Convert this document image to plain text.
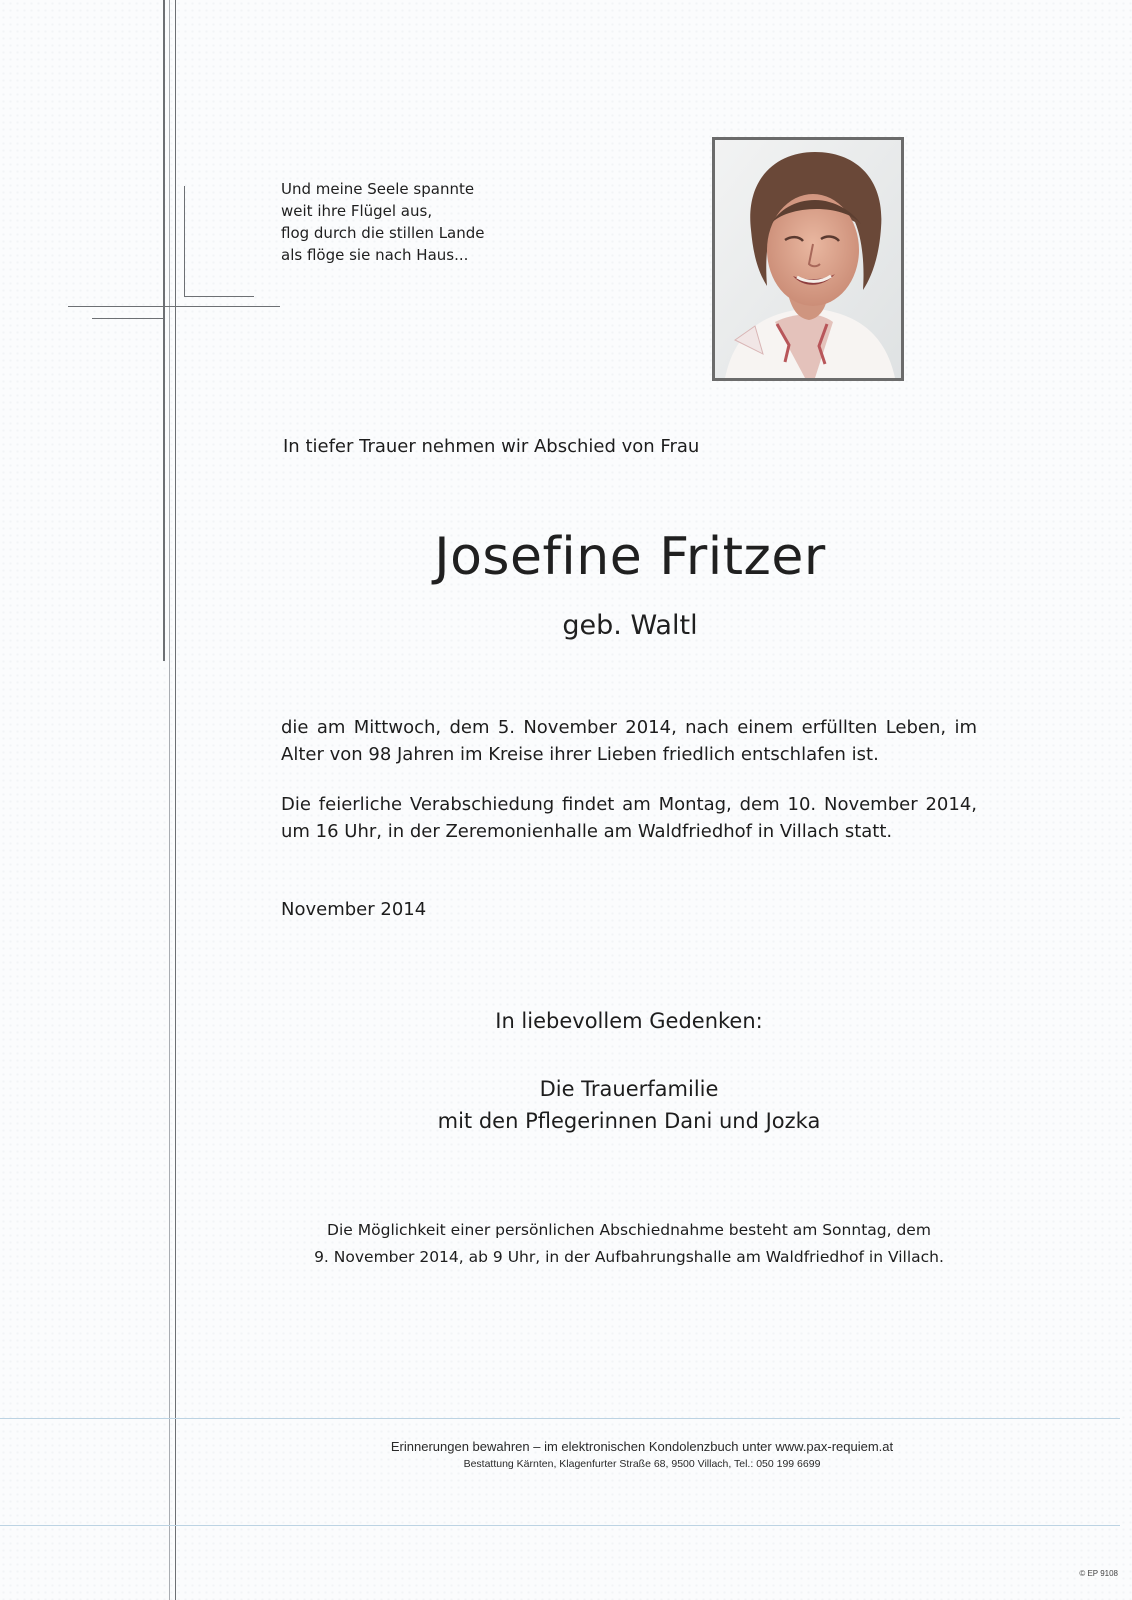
Und meine Seele spannte
weit ihre Flügel aus,
flog durch die stillen Lande
als flöge sie nach Haus...
In tiefer Trauer nehmen wir Abschied von Frau
Josefine Fritzer
geb. Waltl
die am Mittwoch, dem 5. November 2014, nach einem erfüllten Leben, im
Alter von 98 Jahren im Kreise ihrer Lieben friedlich entschlafen ist.
Die feierliche Verabschiedung findet am Montag, dem 10. November 2014,
um 16 Uhr, in der Zeremonienhalle am Waldfriedhof in Villach statt.
November 2014
In liebevollem Gedenken:
Die Trauerfamilie
mit den Pflegerinnen Dani und Jozka
Die Möglichkeit einer persönlichen Abschiednahme besteht am Sonntag, dem
9. November 2014, ab 9 Uhr, in der Aufbahrungshalle am Waldfriedhof in Villach.
Erinnerungen bewahren – im elektronischen Kondolenzbuch unter www.pax-requiem.at
Bestattung Kärnten, Klagenfurter Straße 68, 9500 Villach, Tel.: 050 199 6699
© EP 9108
